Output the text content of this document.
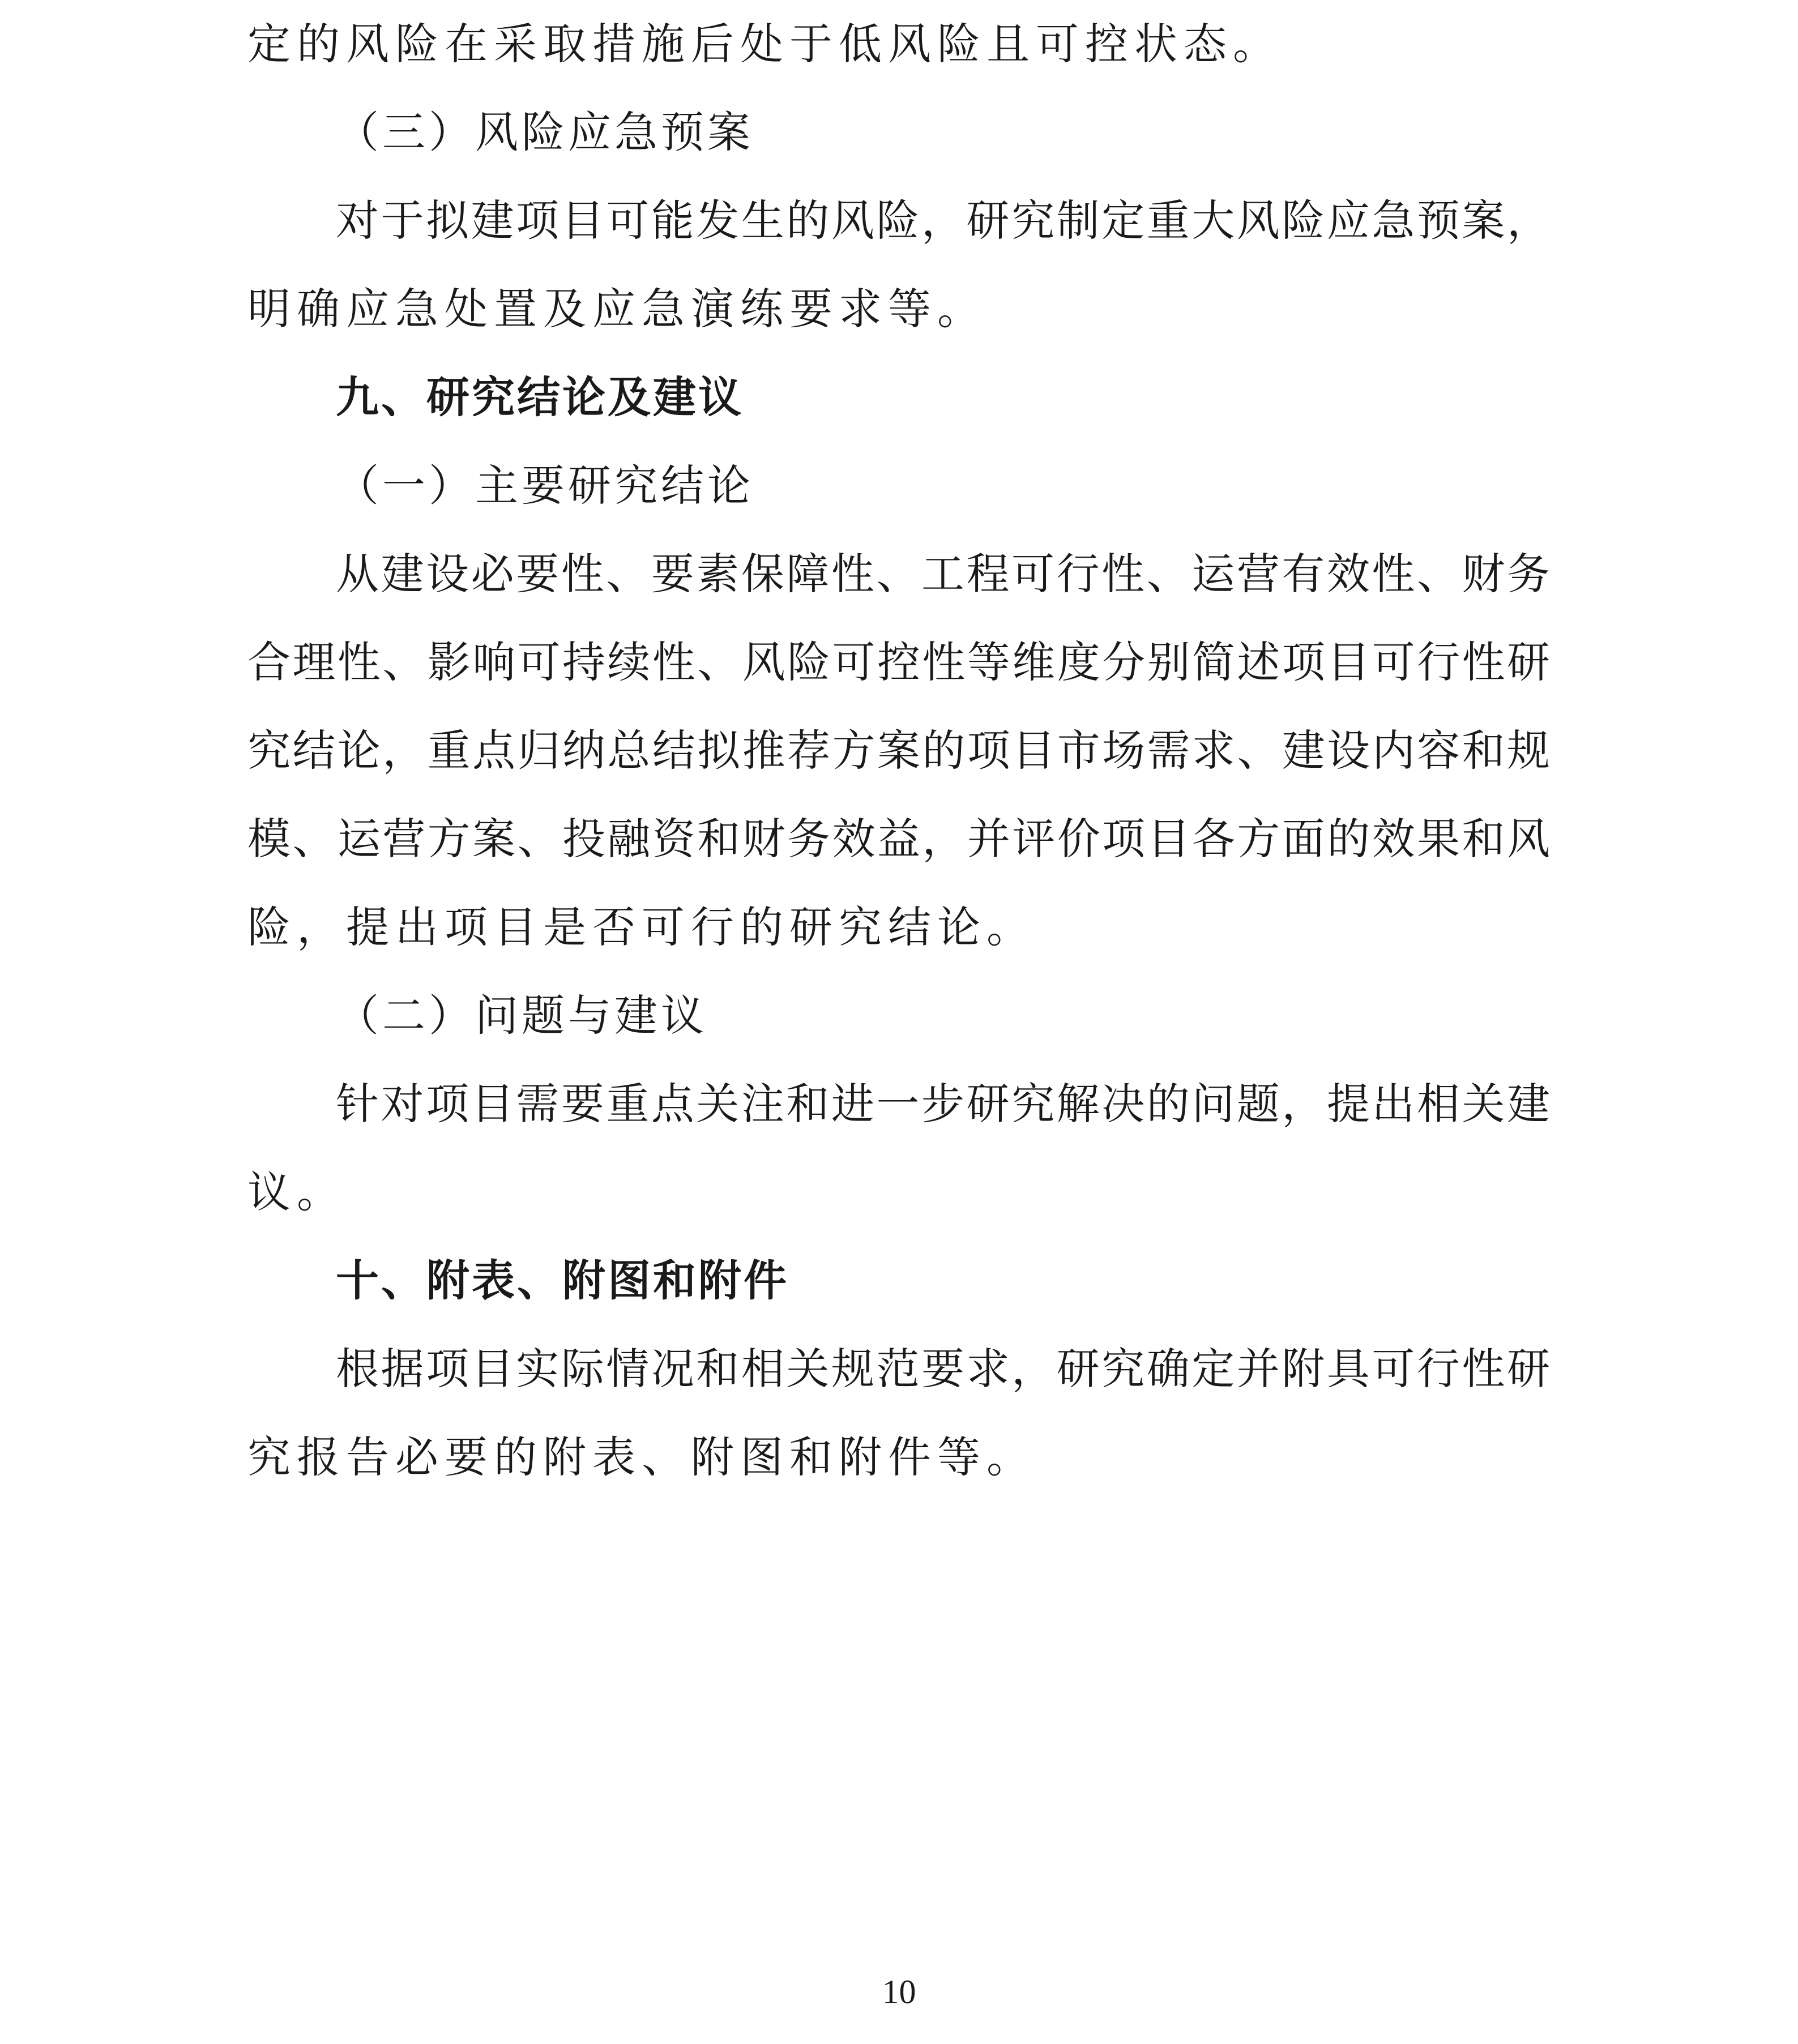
定的风险在采取措施后处于低风险且可控状态。
（三）风险应急预案
对于拟建项目可能发生的风险，研究制定重大风险应急预案，
明确应急处置及应急演练要求等。
九、研究结论及建议
（一）主要研究结论
从建设必要性、要素保障性、工程可行性、运营有效性、财务
合理性、影响可持续性、风险可控性等维度分别简述项目可行性研
究结论，重点归纳总结拟推荐方案的项目市场需求、建设内容和规
模、运营方案、投融资和财务效益，并评价项目各方面的效果和风
险，提出项目是否可行的研究结论。
（二）问题与建议
针对项目需要重点关注和进一步研究解决的问题，提出相关建
议。
十、附表、附图和附件
根据项目实际情况和相关规范要求，研究确定并附具可行性研
究报告必要的附表、附图和附件等。
10
